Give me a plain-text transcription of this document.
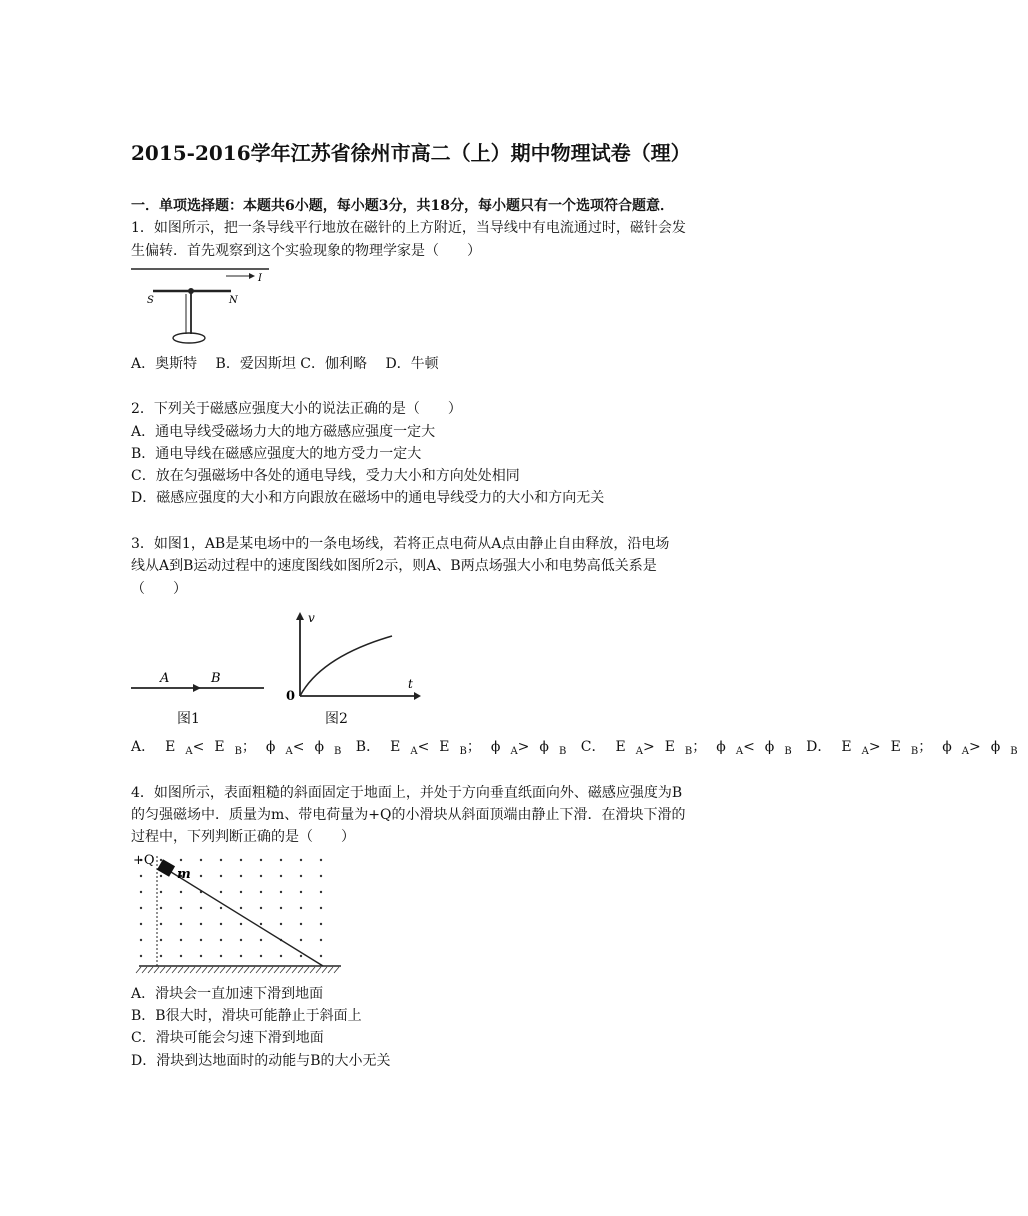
2015-2016学年江苏省徐州市高二（上）期中物理试卷（理）
一．单项选择题：本题共6小题，每小题3分，共18分，每小题只有一个选项符合题意．
1．如图所示，把一条导线平行地放在磁针的上方附近，当导线中有电流通过时，磁针会发
生偏转．首先观察到这个实验现象的物理学家是（　　）
S	N
I
A．奥斯特　 B．爱因斯坦 C．伽利略　 D．牛顿
2．下列关于磁感应强度大小的说法正确的是（　　）
A．通电导线受磁场力大的地方磁感应强度一定大
B．通电导线在磁感应强度大的地方受力一定大
C．放在匀强磁场中各处的通电导线，受力大小和方向处处相同
D．磁感应强度的大小和方向跟放在磁场中的通电导线受力的大小和方向无关
3．如图1，AB是某电场中的一条电场线，若将正点电荷从A点由静止自由释放，沿电场
线从A到B运动过程中的速度图线如图所2示，则A、B两点场强大小和电势高低关系是
（　　）
A	B
图1
v
t
0
图2
A． E $_A$< E $_B$； ϕ $_A$< ϕ $_B$ B． E $_A$< E $_B$； ϕ $_A$> ϕ $_B$ C． E $_A$> E $_B$； ϕ $_A$< ϕ $_B$ D． E $_A$> E $_B$； ϕ $_A$> ϕ $_B$
4．如图所示，表面粗糙的斜面固定于地面上，并处于方向垂直纸面向外、磁感应强度为B
的匀强磁场中．质量为m、带电荷量为+Q的小滑块从斜面顶端由静止下滑．在滑块下滑的
过程中，下列判断正确的是（　　）
+Q
m
A．滑块会一直加速下滑到地面
B．B很大时，滑块可能静止于斜面上
C．滑块可能会匀速下滑到地面
D．滑块到达地面时的动能与B的大小无关
